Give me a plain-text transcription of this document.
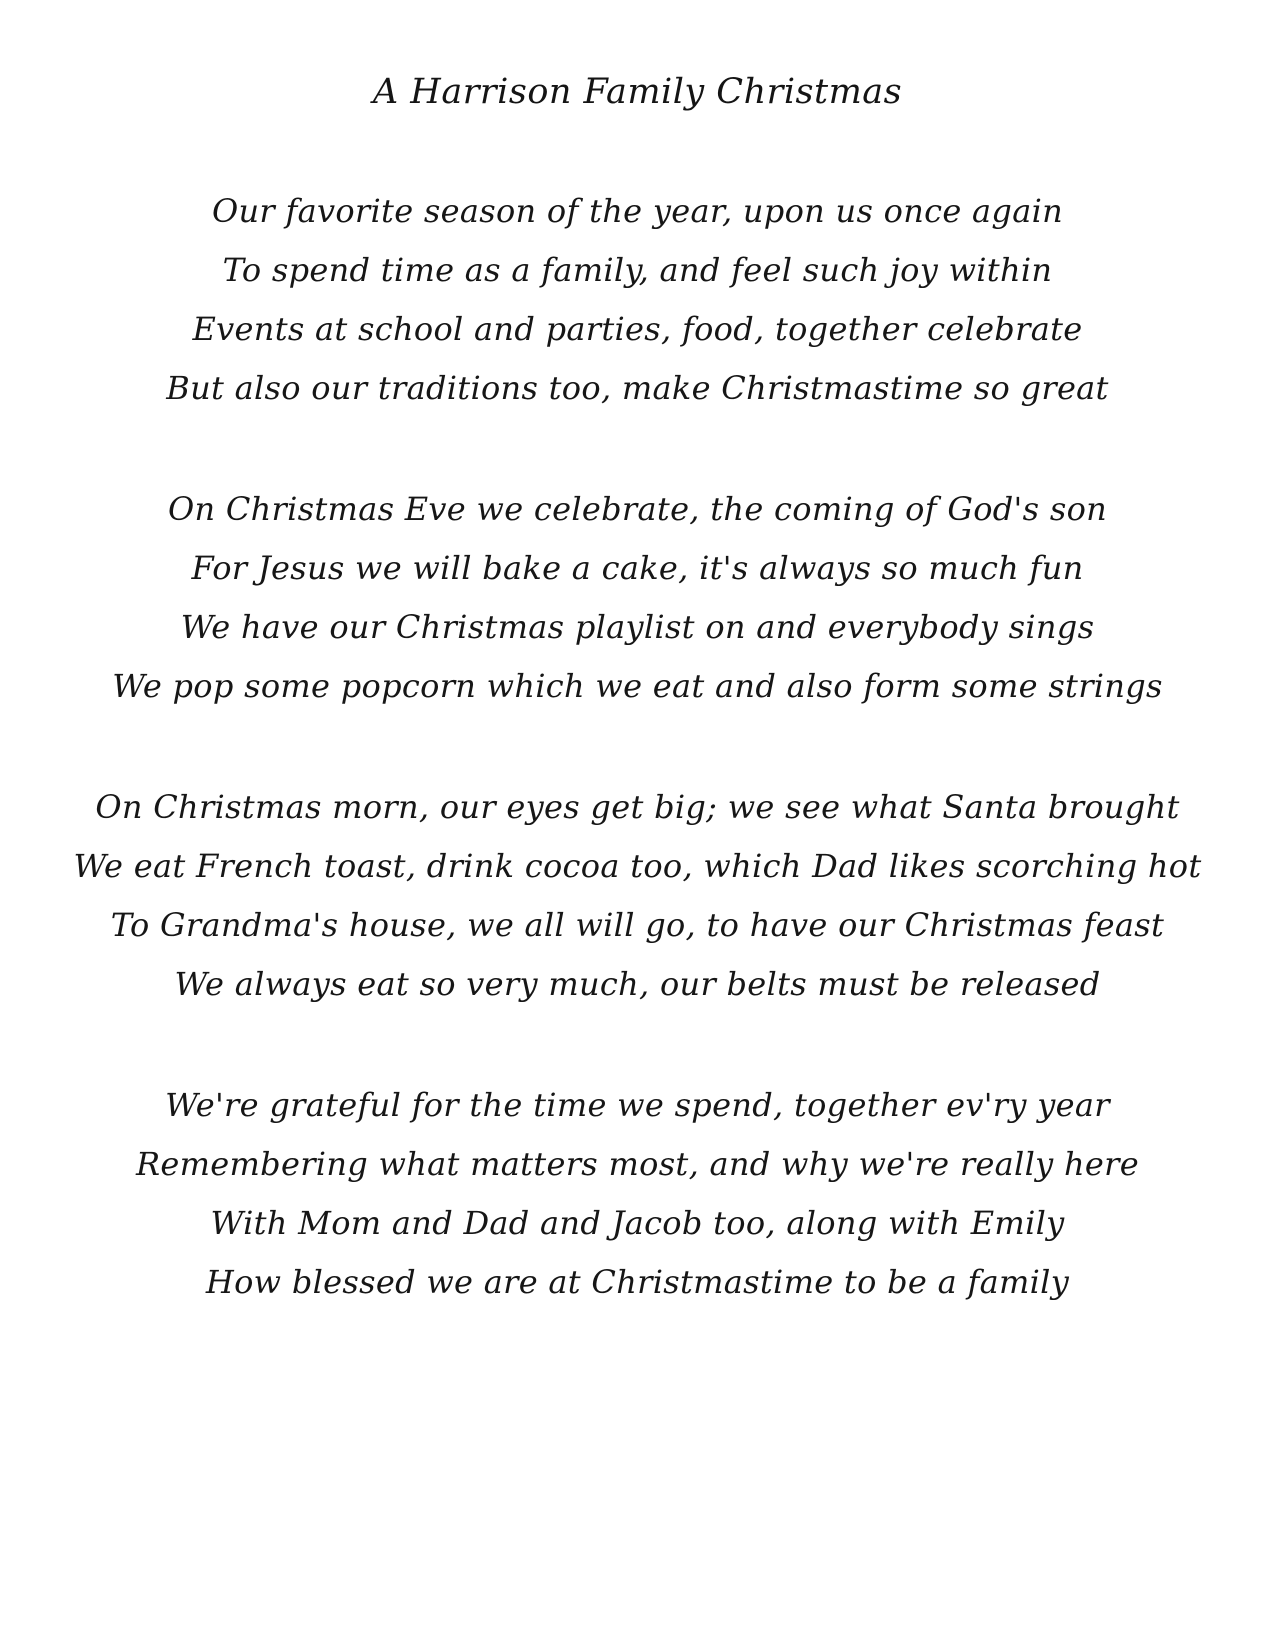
A Harrison Family Christmas
Our favorite season of the year, upon us once again
To spend time as a family, and feel such joy within
Events at school and parties, food, together celebrate
But also our traditions too, make Christmastime so great
On Christmas Eve we celebrate, the coming of God's son
For Jesus we will bake a cake, it's always so much fun
We have our Christmas playlist on and everybody sings
We pop some popcorn which we eat and also form some strings
On Christmas morn, our eyes get big; we see what Santa brought
We eat French toast, drink cocoa too, which Dad likes scorching hot
To Grandma's house, we all will go, to have our Christmas feast
We always eat so very much, our belts must be released
We're grateful for the time we spend, together ev'ry year
Remembering what matters most, and why we're really here
With Mom and Dad and Jacob too, along with Emily
How blessed we are at Christmastime to be a family
